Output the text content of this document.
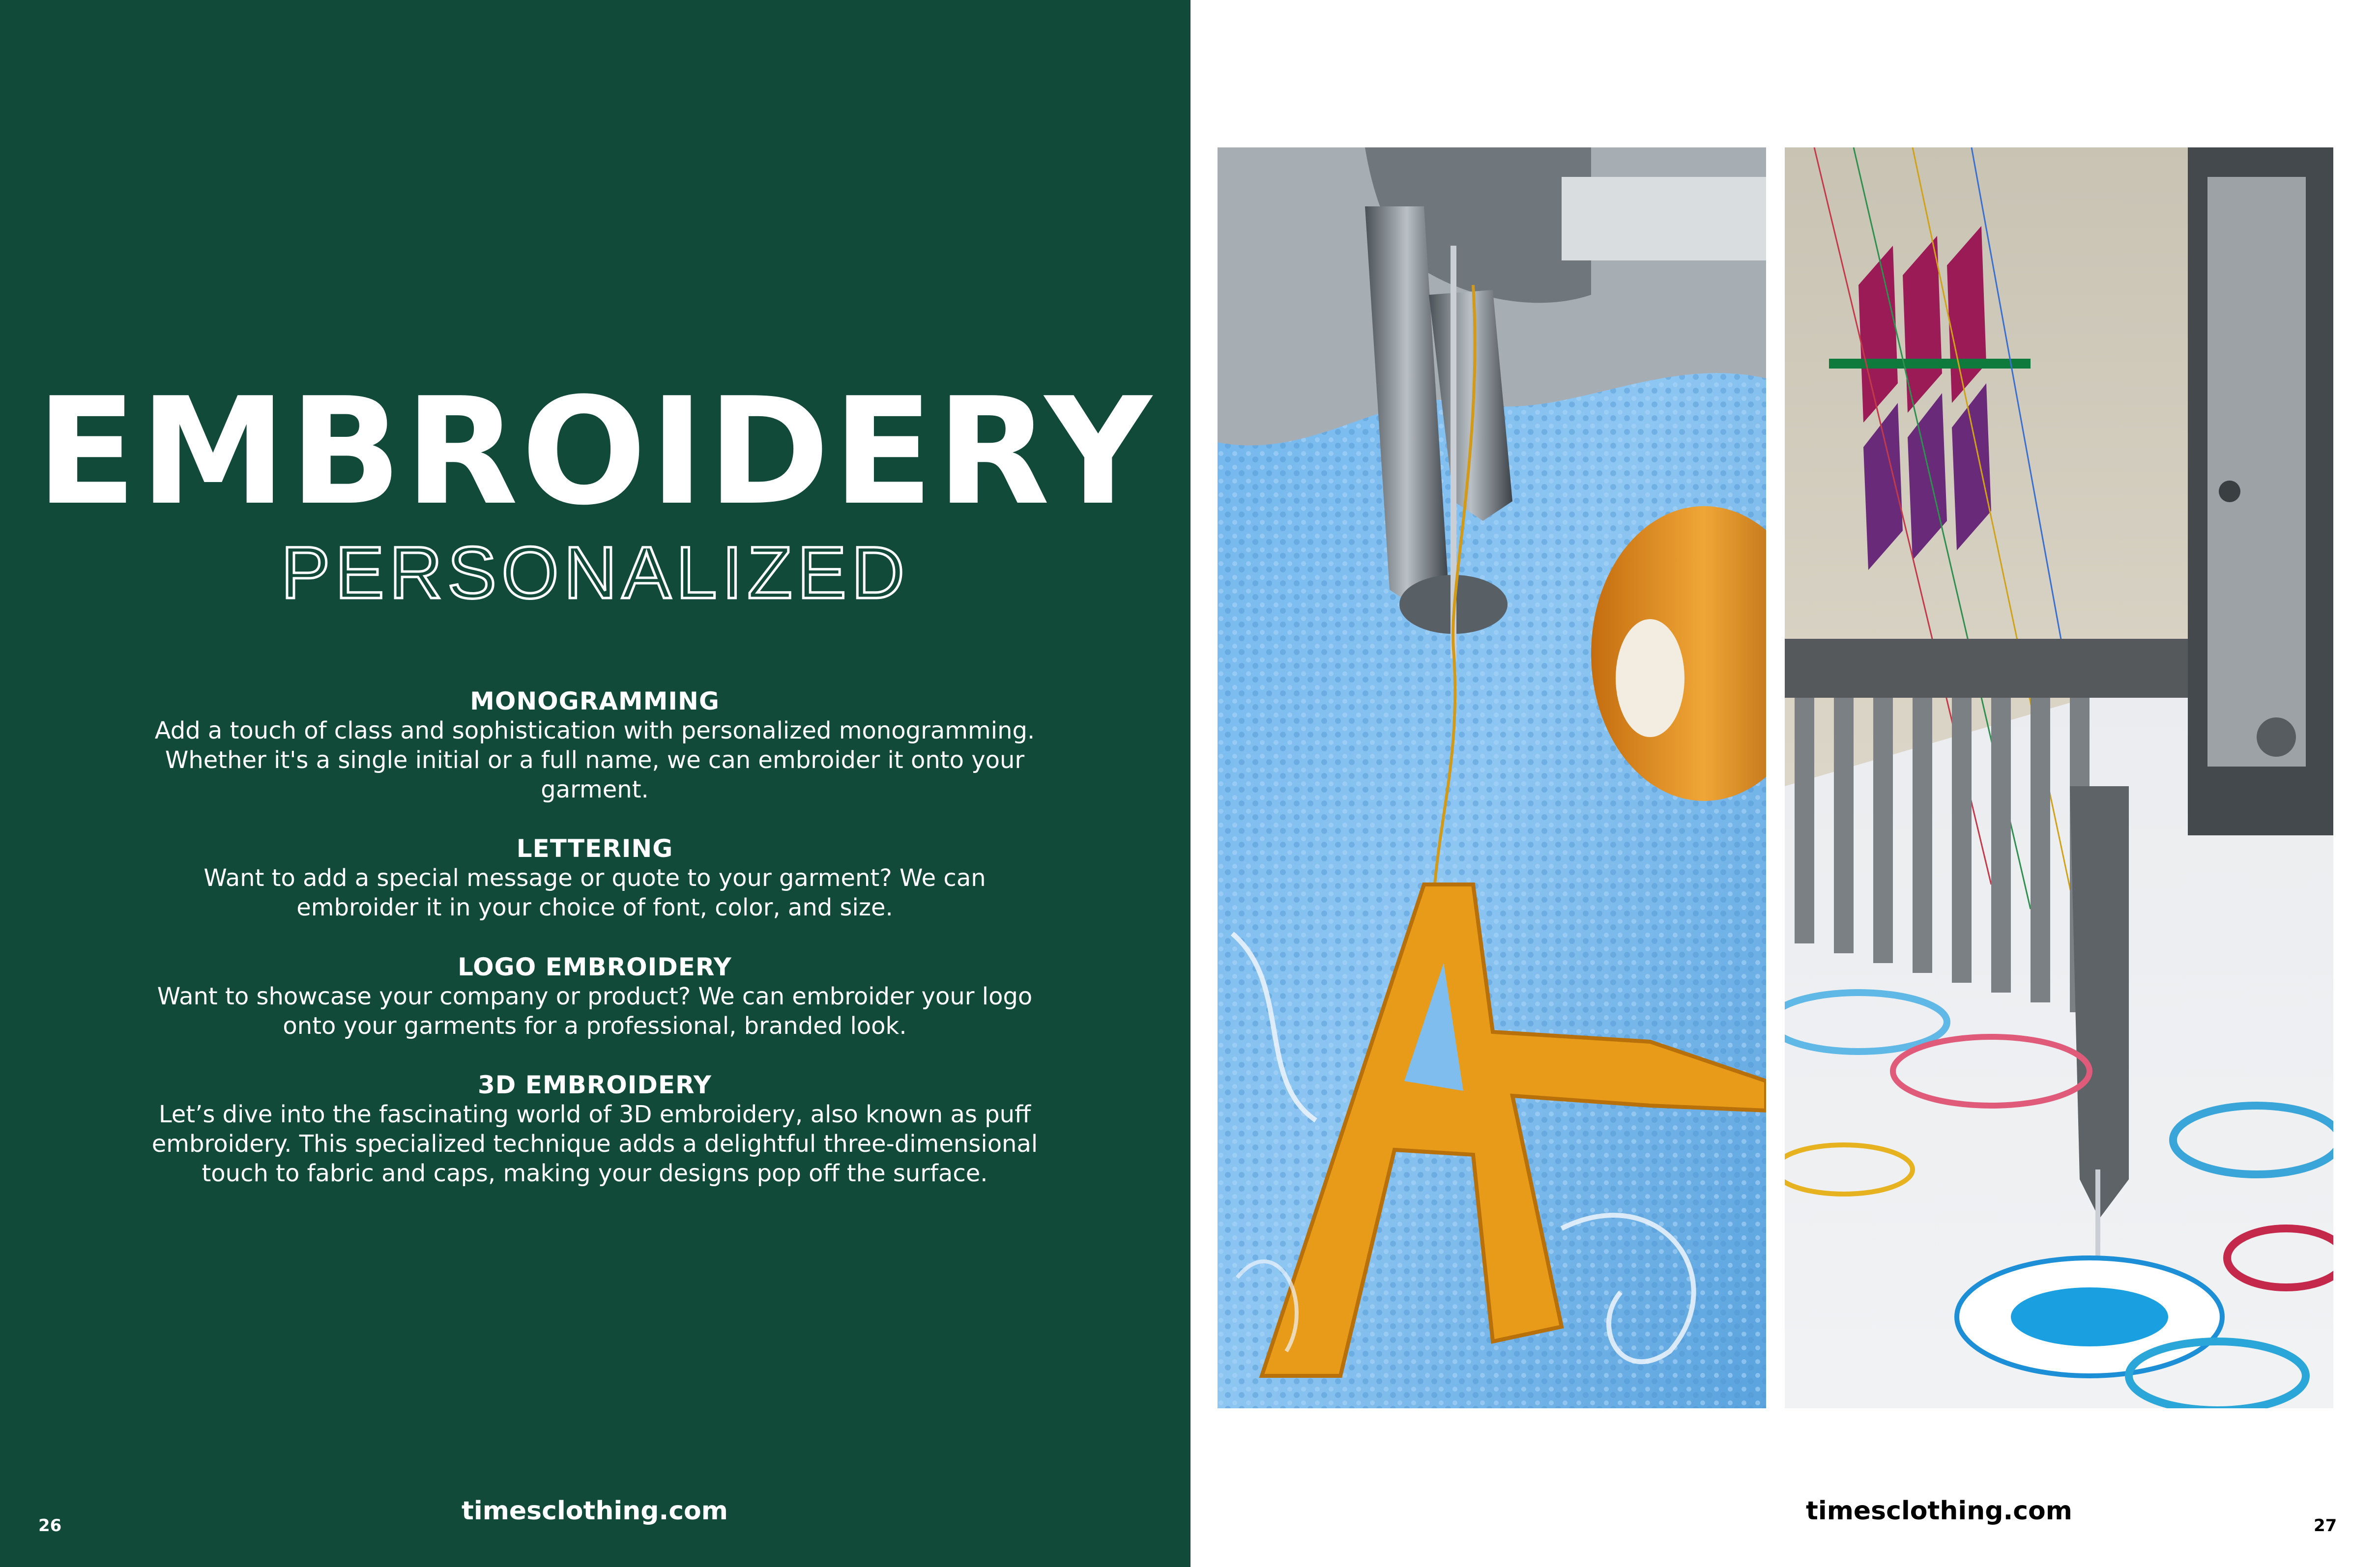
EMBROIDERY
PERSONALIZED
MONOGRAMMING

Add a touch of class and sophistication with personalized monogramming.

Whether it's a single initial or a full name, we can embroider it onto your

garment.

LETTERING

Want to add a special message or quote to your garment? We can

embroider it in your choice of font, color, and size.

LOGO EMBROIDERY

Want to showcase your company or product? We can embroider your logo

onto your garments for a professional, branded look.

3D EMBROIDERY

Let’s dive into the fascinating world of 3D embroidery, also known as puff

embroidery. This specialized technique adds a delightful three-dimensional

touch to fabric and caps, making your designs pop off the surface.

timesclothing.com
26	timesclothing.com	27
